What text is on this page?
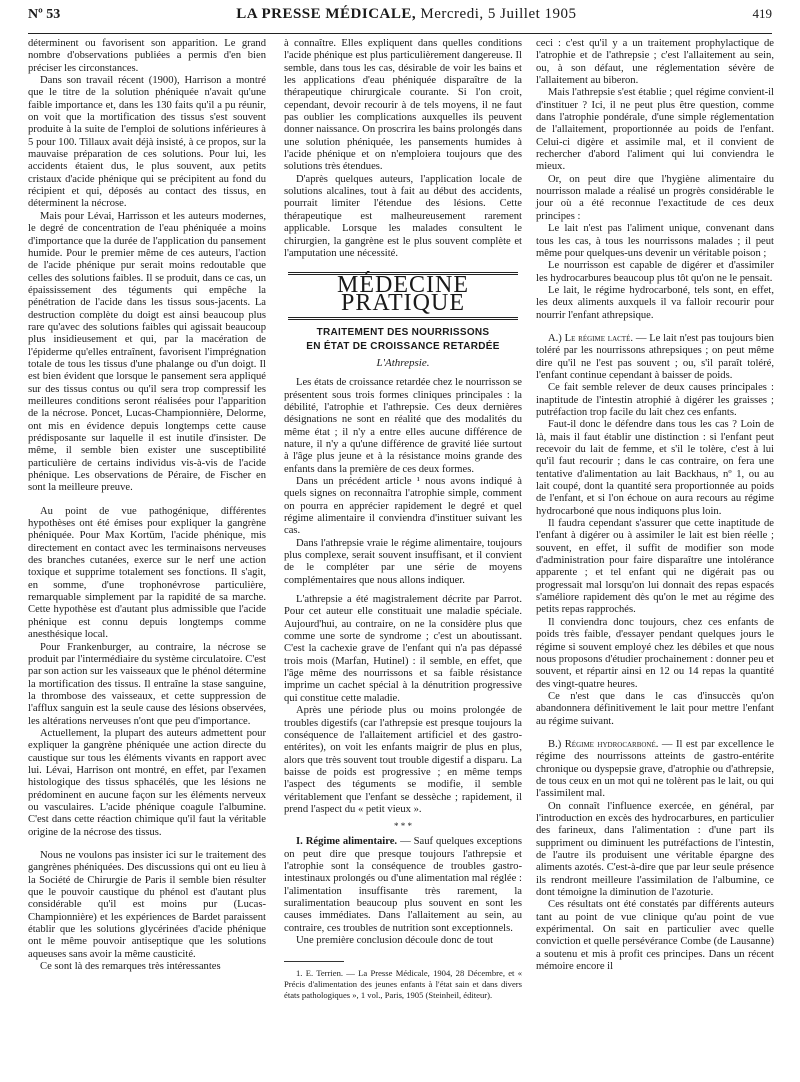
Nº 53	LA PRESSE MÉDICALE, Mercredi, 5 Juillet 1905	419

déterminent ou favorisent son apparition. Le grand nombre d'observations publiées a permis d'en bien préciser les circonstances.

Dans son travail récent (1900), Harrison a montré que le titre de la solution phéniquée n'avait qu'une faible importance et, dans les 130 faits qu'il a pu réunir, on voit que la mortification des tissus s'est souvent produite à la suite de l'emploi de solutions inférieures à 5 pour 100. Tillaux avait déjà insisté, à ce propos, sur la mauvaise préparation de ces solutions. Pour lui, les accidents étaient dus, le plus souvent, aux petits cristaux d'acide phénique qui se précipitent au fond du récipient et qui, déposés au contact des tissus, en déterminent la nécrose.

Mais pour Lévai, Harrisson et les auteurs modernes, le degré de concentration de l'eau phéniquée a moins d'importance que la durée de l'application du pansement humide. Pour le premier même de ces auteurs, l'action de l'acide phénique pur serait moins redoutable que celles des solutions faibles. Il se produit, dans ce cas, un épaississement des téguments qui empêche la pénétration de l'acide dans les tissus sous-jacents. La destruction complète du doigt est ainsi beaucoup plus rare qu'avec des solutions faibles qui agissait beaucoup plus insidieusement et qui, par la macération de l'épiderme qu'elles entraînent, favorisent l'imprégnation totale de tous les tissus d'une phalange ou d'un doigt. Il est bien évident que lorsque le pansement sera appliqué sur des tissus contus ou qu'il sera trop compressif les meilleures conditions seront réalisées pour l'apparition de la nécrose. Poncet, Lucas-Championnière, Delorme, ont mis en évidence depuis longtemps cette cause prédisposante sur laquelle il est inutile d'insister. De même, il semble bien exister une susceptibilité particulière de certains individus vis-à-vis de l'acide phénique. Les observations de Péraire, de Fischer en sont la meilleure preuve.

Au point de vue pathogénique, différentes hypothèses ont été émises pour expliquer la gangrène phéniquée. Pour Max Kortüm, l'acide phénique, mis directement en contact avec les terminaisons nerveuses des branches cutanées, exerce sur le nerf une action toxique et supprime totalement ses fonctions. Il s'agit, en somme, d'une trophonévrose particulière, remarquable simplement par la rapidité de sa marche. Cette hypothèse est d'autant plus admissible que l'acide phénique est connu depuis longtemps comme anesthésique local.

Pour Frankenburger, au contraire, la nécrose se produit par l'intermédiaire du système circulatoire. C'est par son action sur les vaisseaux que le phénol détermine la mortification des tissus. Il entraîne la stase sanguine, la thrombose des vaisseaux, et cette suppression de l'afflux sanguin est la seule cause des lésions observées, les altérations nerveuses n'ont que peu d'importance.

Actuellement, la plupart des auteurs admettent pour expliquer la gangrène phéniquée une action directe du caustique sur tous les éléments vivants en rapport avec lui. Lévai, Harrison ont montré, en effet, par l'examen histologique des tissus sphacélés, que les lésions ne prédominent en aucune façon sur les éléments nerveux ou vasculaires. L'acide phénique coagule l'albumine. C'est dans cette réaction chimique qu'il faut la véritable origine de la nécrose des tissus.

Nous ne voulons pas insister ici sur le traitement des gangrènes phéniquées. Des discussions qui ont eu lieu à la Société de Chirurgie de Paris il semble bien résulter que le pouvoir caustique du phénol est d'autant plus considérable qu'il est moins pur (Lucas-Championnière) et les expériences de Bardet paraissent établir que les solutions glycérinées d'acide phénique ont le même pouvoir antiseptique que les solutions aqueuses sans avoir la même causticité.

Ce sont là des remarques très intéressantes

à connaître. Elles expliquent dans quelles conditions l'acide phénique est plus particulièrement dangereuse. Il semble, dans tous les cas, désirable de voir les bains et les applications d'eau phéniquée disparaître de la thérapeutique chirurgicale courante. Si l'on croit, cependant, devoir recourir à de tels moyens, il ne faut pas oublier les complications auxquelles ils peuvent donner naissance. On proscrira les bains prolongés dans une solution phéniquée, les pansements humides à l'acide phénique et on n'emploiera toujours que des solutions très étendues.

D'après quelques auteurs, l'application locale de solutions alcalines, tout à fait au début des accidents, pourrait limiter l'étendue des lésions. Cette thérapeutique est malheureusement rarement applicable. Lorsque les malades consultent le chirurgien, la gangrène est le plus souvent complète et l'amputation une nécessité.

MÉDECINE PRATIQUE
TRAITEMENT DES NOURRISSONS
EN ÉTAT DE CROISSANCE RETARDÉE
L'Athrepsie.

Les états de croissance retardée chez le nourrisson se présentent sous trois formes cliniques principales : la débilité, l'atrophie et l'athrepsie. Ces deux dernières désignations ne sont en réalité que des modalités du même état ; il n'y a entre elles aucune différence de nature, il n'y a qu'une différence de gravité liée surtout à l'âge plus jeune et à la résistance moins grande des enfants dans la première de ces deux formes.

Dans un précédent article ¹ nous avons indiqué à quels signes on reconnaîtra l'atrophie simple, comment on pourra en apprécier rapidement le degré et quel régime alimentaire il conviendra d'instituer suivant les cas.

Dans l'athrepsie vraie le régime alimentaire, toujours plus complexe, serait souvent insuffisant, et il convient de le compléter par une série de moyens complémentaires que nous allons indiquer.

L'athrepsie a été magistralement décrite par Parrot. Pour cet auteur elle constituait une maladie spéciale. Aujourd'hui, au contraire, on ne la considère plus que comme une sorte de syndrome ; c'est un aboutissant. C'est la cachexie grave de l'enfant qui n'a pas dépassé trois mois (Marfan, Hutinel) : il semble, en effet, que l'âge même des nourrissons et sa faible résistance imprime un cachet spécial à la dénutrition progressive qui constitue cette maladie.

Après une période plus ou moins prolongée de troubles digestifs (car l'athrepsie est presque toujours la conséquence de l'allaitement artificiel et des gastro-entérites), on voit les enfants maigrir de plus en plus, alors que très souvent tout trouble digestif a disparu. La baisse de poids est progressive ; en même temps l'aspect des téguments se modifie, il semble véritablement que l'enfant se dessèche ; rapidement, il prend l'aspect du « petit vieux ».

* * *

I. Régime alimentaire. — Sauf quelques exceptions on peut dire que presque toujours l'athrepsie et l'atrophie sont la conséquence de troubles gastro-intestinaux prolongés ou d'une alimentation mal réglée : l'alimentation insuffisante très rarement, la suralimentation beaucoup plus souvent en sont les causes immédiates. Dans l'allaitement au sein, au contraire, ces troubles de nutrition sont exceptionnels.

Une première conclusion découle donc de tout

1. E. Terrien. — La Presse Médicale, 1904, 28 Décembre, et « Précis d'alimentation des jeunes enfants à l'état sain et dans divers états pathologiques », 1 vol., Paris, 1905 (Steinheil, éditeur).

ceci : c'est qu'il y a un traitement prophylactique de l'atrophie et de l'athrepsie ; c'est l'allaitement au sein, ou, à son défaut, une réglementation sévère de l'allaitement au biberon.

Mais l'athrepsie s'est établie ; quel régime convient-il d'instituer ? Ici, il ne peut plus être question, comme dans l'atrophie pondérale, d'une simple réglementation de l'allaitement, proportionnée au poids de l'enfant. Celui-ci digère et assimile mal, et il convient de rechercher d'abord l'aliment qui lui conviendra le mieux.

Or, on peut dire que l'hygiène alimentaire du nourrisson malade a réalisé un progrès considérable le jour où a été reconnue l'exactitude de ces deux principes :

Le lait n'est pas l'aliment unique, convenant dans tous les cas, à tous les nourrissons malades ; il peut même pour quelques-uns devenir un véritable poison ;

Le nourrisson est capable de digérer et d'assimiler les hydrocarbures beaucoup plus tôt qu'on ne le pensait.

Le lait, le régime hydrocarboné, tels sont, en effet, les deux aliments auxquels il va falloir recourir pour nourrir l'enfant athrepsique.

A.) Le régime lacté. — Le lait n'est pas toujours bien toléré par les nourrissons athrepsiques ; on peut même dire qu'il ne l'est pas souvent ; ou, s'il paraît toléré, l'enfant continue cependant à baisser de poids.

Ce fait semble relever de deux causes principales : inaptitude de l'intestin atrophié à digérer les graisses ; putréfaction trop facile du lait chez ces enfants.

Faut-il donc le défendre dans tous les cas ? Loin de là, mais il faut établir une distinction : si l'enfant peut recevoir du lait de femme, et s'il le tolère, c'est à lui qu'il faut recourir ; dans le cas contraire, on fera une tentative d'alimentation au lait Backhaus, nº 1, ou au lait coupé, dont la quantité sera proportionnée au poids de l'enfant, et si l'on échoue on aura recours au régime hydrocarboné que nous indiquons plus loin.

Il faudra cependant s'assurer que cette inaptitude de l'enfant à digérer ou à assimiler le lait est bien réelle ; souvent, en effet, il suffit de modifier son mode d'administration pour faire disparaître une intolérance apparente ; et tel enfant qui ne digérait pas ou progressait mal lorsqu'on lui donnait des repas espacés s'améliore rapidement dès qu'on le met au régime des petits repas rapprochés.

Il conviendra donc toujours, chez ces enfants de poids très faible, d'essayer pendant quelques jours le régime si souvent employé chez les débiles et que nous nous proposons d'étudier prochainement : donner peu et souvent, et répartir ainsi en 12 ou 14 repas la quantité des vingt-quatre heures.

Ce n'est que dans le cas d'insuccès qu'on abandonnera définitivement le lait pour mettre l'enfant au régime suivant.

B.) Régime hydrocarboné. — Il est par excellence le régime des nourrissons atteints de gastro-entérite chronique ou dyspepsie grave, d'atrophie ou d'athrepsie, de tous ceux en un mot qui ne tolèrent pas le lait, ou qui l'assimilent mal.

On connaît l'influence exercée, en général, par l'introduction en excès des hydrocarbures, en particulier des farineux, dans l'alimentation : d'une part ils suppriment ou diminuent les putréfactions de l'intestin, de l'autre ils produisent une véritable épargne des aliments azotés. C'est-à-dire que par leur seule présence ils rendront meilleure l'assimilation de l'albumine, ce dont témoigne la diminution de l'azoturie.

Ces résultats ont été constatés par différents auteurs tant au point de vue clinique qu'au point de vue expérimental. On sait en particulier avec quelle conviction et quelle persévérance Combe (de Lausanne) a soutenu et mis à profit ces principes. Dans un récent mémoire encore il
